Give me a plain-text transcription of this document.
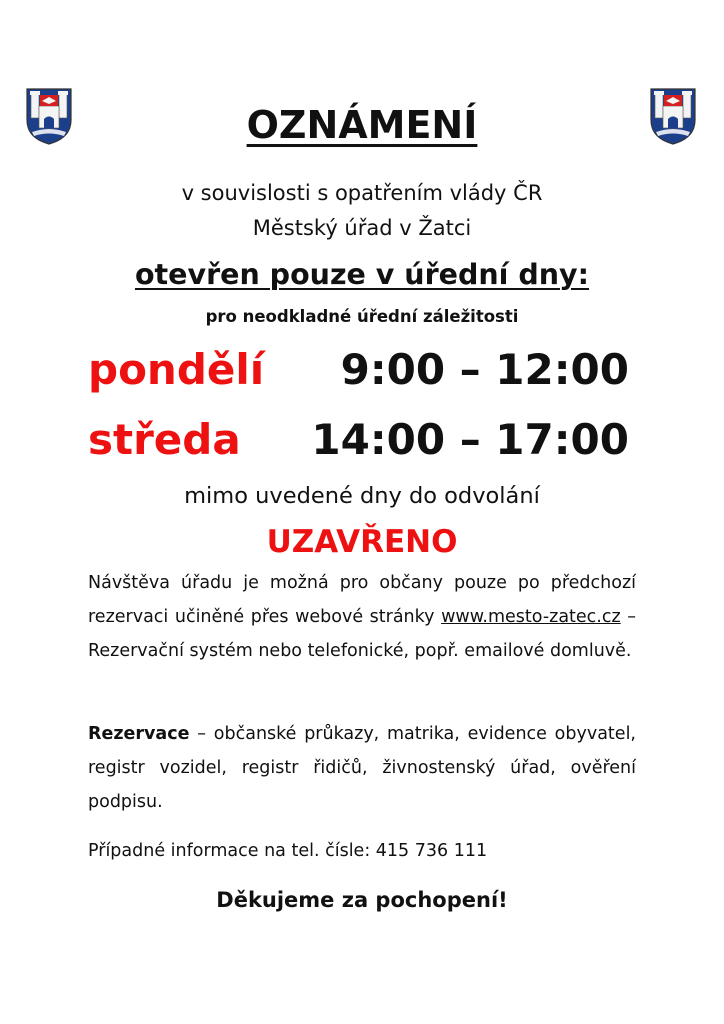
OZNÁMENÍ
v souvislosti s opatřením vlády ČR
Městský úřad v Žatci
otevřen pouze v úřední dny:
pro neodkladné úřední záležitosti
pondělí 9:00 – 12:00
středa 14:00 – 17:00
mimo uvedené dny do odvolání
UZAVŘENO
Návštěva úřadu je možná pro občany pouze po předchozí rezervaci učiněné přes webové stránky www.mesto-zatec.cz – Rezervační systém nebo telefonické, popř. emailové domluvě.
Rezervace – občanské průkazy, matrika, evidence obyvatel, registr vozidel, registr řidičů, živnostenský úřad, ověření podpisu.
Případné informace na tel. čísle: 415 736 111
Děkujeme za pochopení!
